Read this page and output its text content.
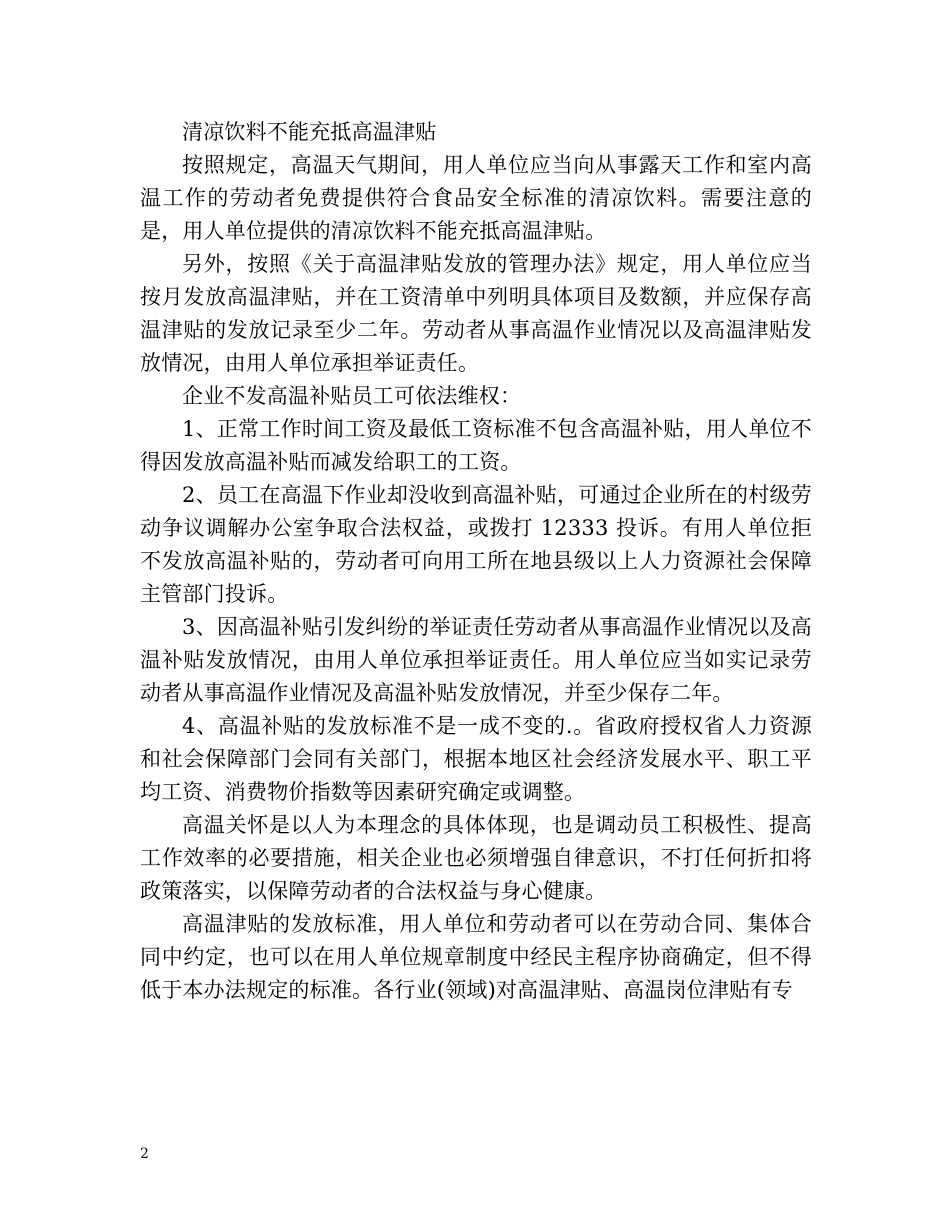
清凉饮料不能充抵高温津贴

按照规定，高温天气期间，用人单位应当向从事露天工作和室内高温工作的劳动者免费提供符合食品安全标准的清凉饮料。需要注意的是，用人单位提供的清凉饮料不能充抵高温津贴。

另外，按照《关于高温津贴发放的管理办法》规定，用人单位应当按月发放高温津贴，并在工资清单中列明具体项目及数额，并应保存高温津贴的发放记录至少二年。劳动者从事高温作业情况以及高温津贴发放情况，由用人单位承担举证责任。

企业不发高温补贴员工可依法维权：

1、正常工作时间工资及最低工资标准不包含高温补贴，用人单位不得因发放高温补贴而减发给职工的工资。

2、员工在高温下作业却没收到高温补贴，可通过企业所在的村级劳动争议调解办公室争取合法权益，或拨打 12333 投诉。有用人单位拒不发放高温补贴的，劳动者可向用工所在地县级以上人力资源社会保障主管部门投诉。

3、因高温补贴引发纠纷的举证责任劳动者从事高温作业情况以及高温补贴发放情况，由用人单位承担举证责任。用人单位应当如实记录劳动者从事高温作业情况及高温补贴发放情况，并至少保存二年。

4、高温补贴的发放标准不是一成不变的.。省政府授权省人力资源和社会保障部门会同有关部门，根据本地区社会经济发展水平、职工平均工资、消费物价指数等因素研究确定或调整。

高温关怀是以人为本理念的具体体现，也是调动员工积极性、提高工作效率的必要措施，相关企业也必须增强自律意识，不打任何折扣将政策落实，以保障劳动者的合法权益与身心健康。

高温津贴的发放标准，用人单位和劳动者可以在劳动合同、集体合同中约定，也可以在用人单位规章制度中经民主程序协商确定，但不得低于本办法规定的标准。各行业(领域)对高温津贴、高温岗位津贴有专

2
